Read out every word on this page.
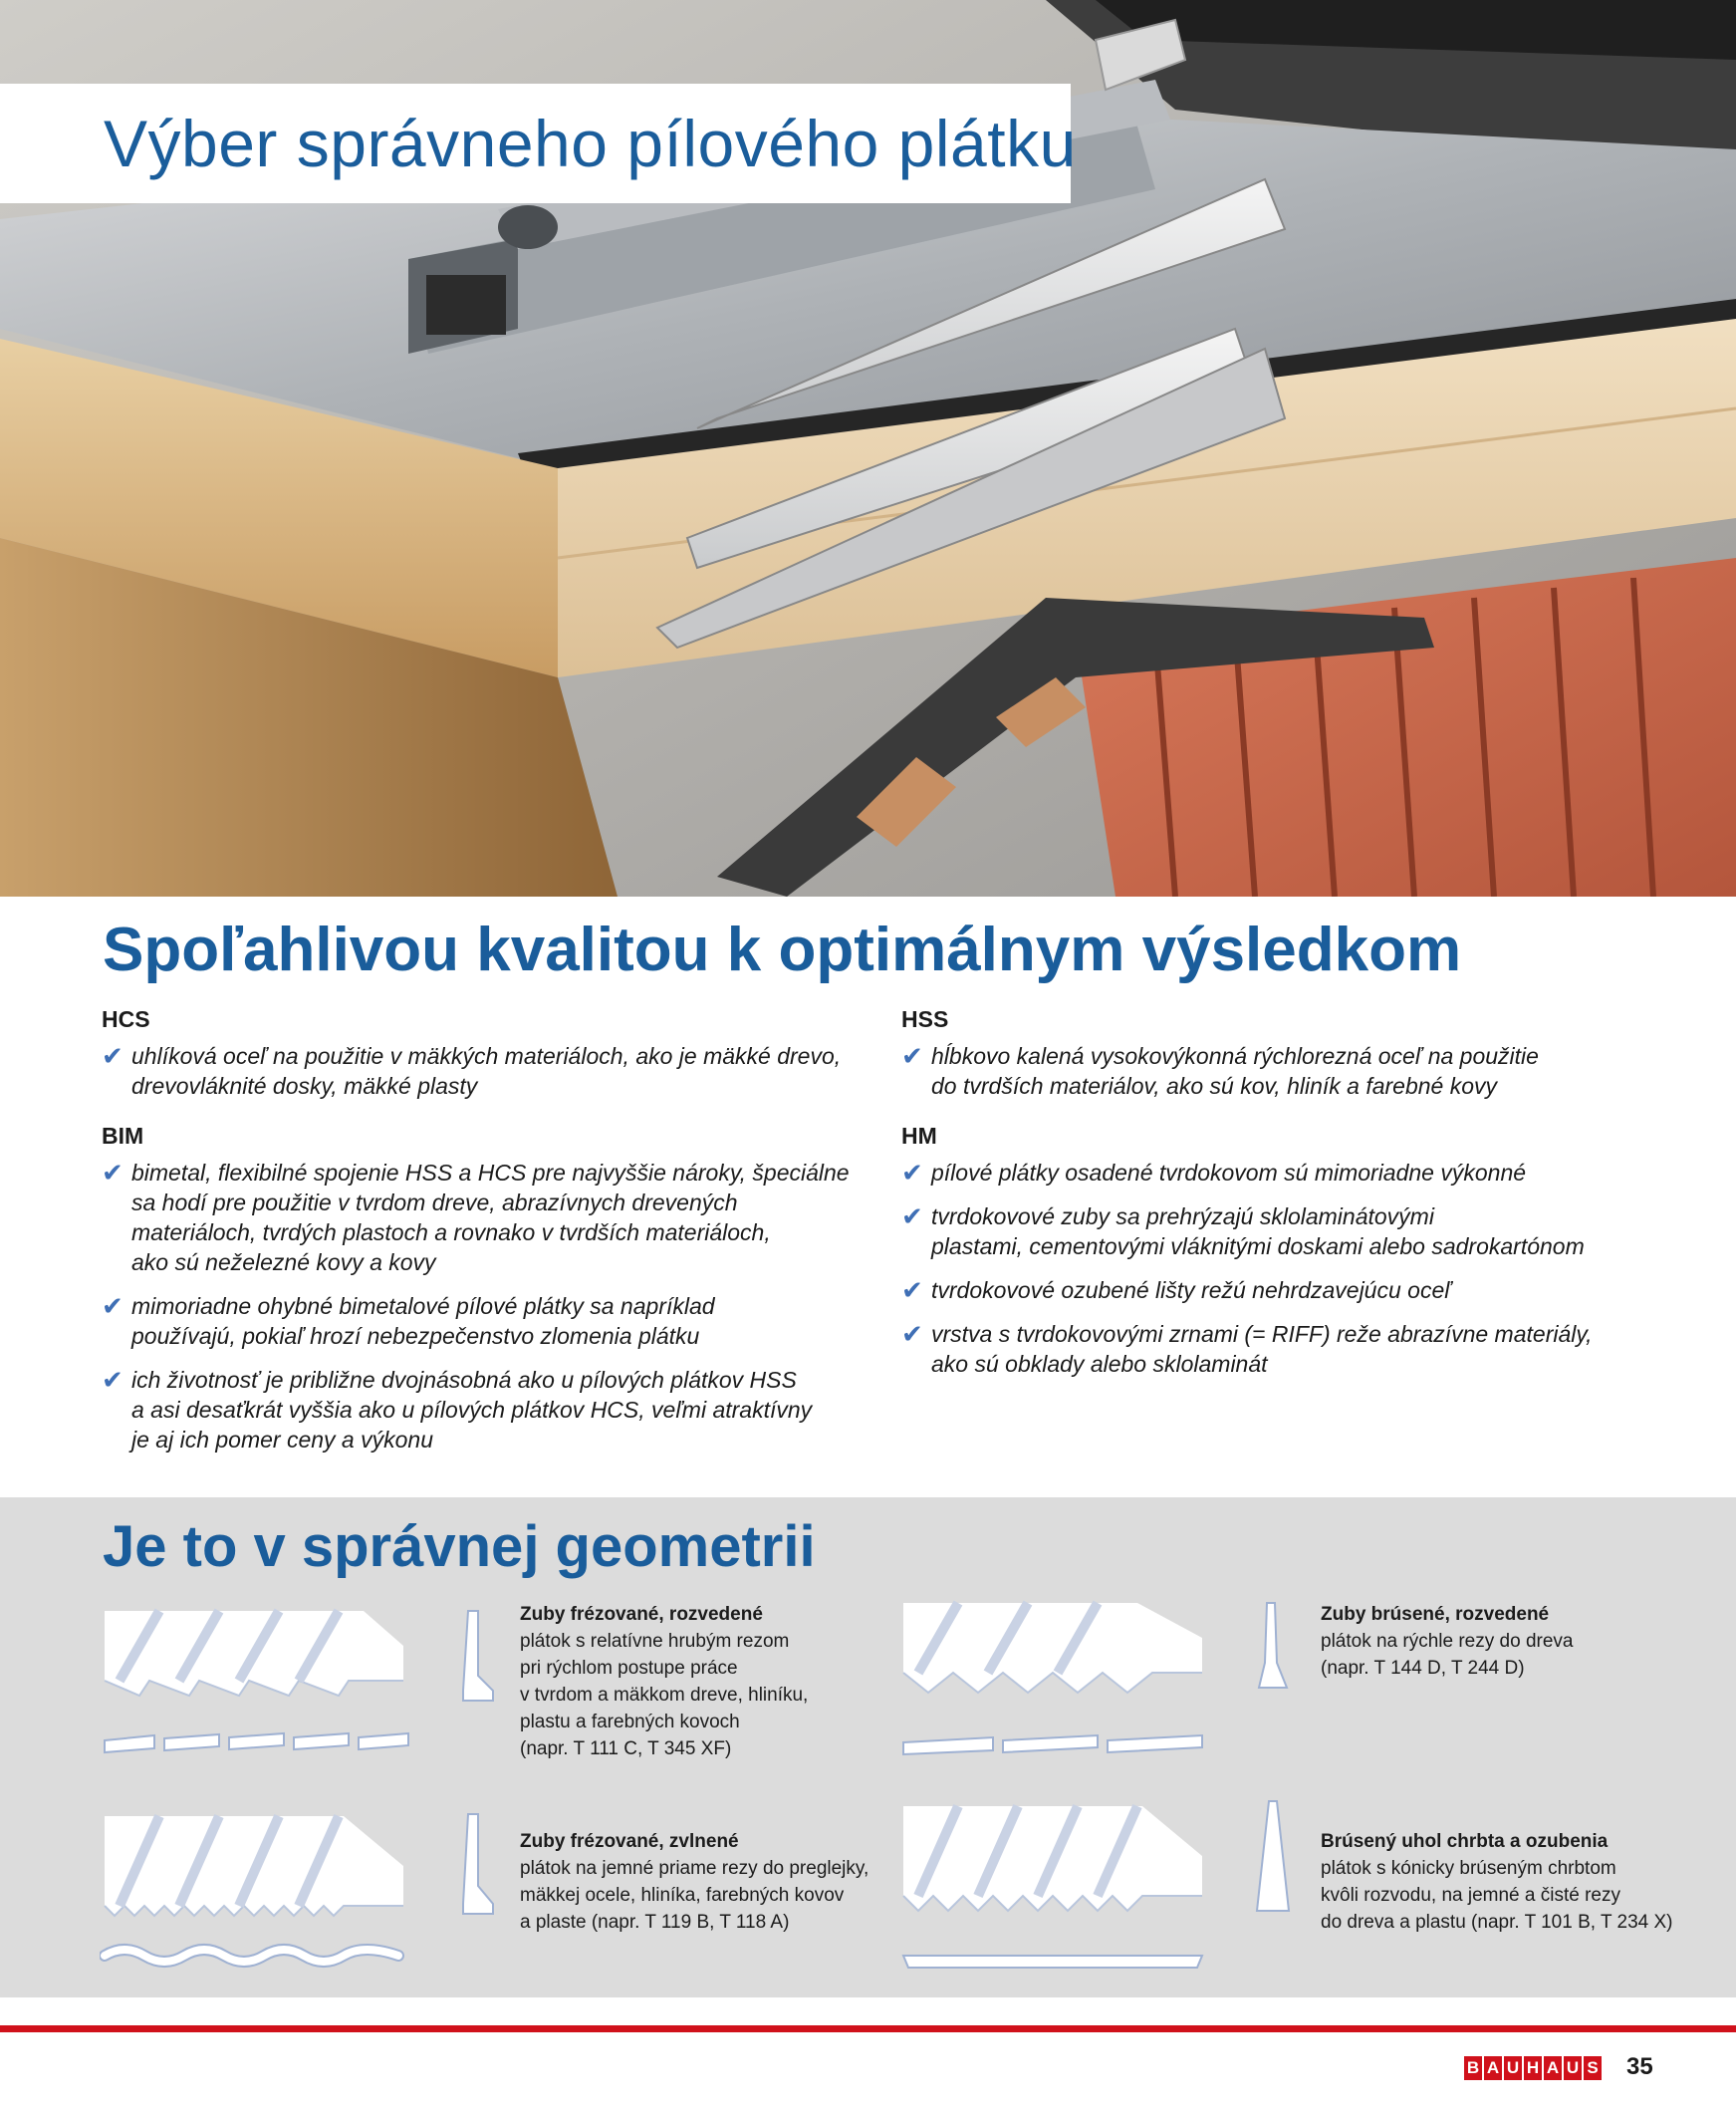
Výber správneho pílového plátku
Spoľahlivou kvalitou k optimálnym výsledkom
HCS
✔ uhlíková oceľ na použitie v mäkkých materiáloch, ako je mäkké drevo,
drevovláknité dosky, mäkké plasty
BIM
✔ bimetal, flexibilné spojenie HSS a HCS pre najvyššie nároky, špeciálne
sa hodí pre použitie v tvrdom dreve, abrazívnych drevených
materiáloch, tvrdých plastoch a rovnako v tvrdších materiáloch,
ako sú neželezné kovy a kovy
✔ mimoriadne ohybné bimetalové pílové plátky sa napríklad
používajú, pokiaľ hrozí nebezpečenstvo zlomenia plátku
✔ ich životnosť je približne dvojnásobná ako u pílových plátkov HSS
a asi desaťkrát vyššia ako u pílových plátkov HCS, veľmi atraktívny
je aj ich pomer ceny a výkonu
HSS
✔ hĺbkovo kalená vysokovýkonná rýchlorezná oceľ na použitie
do tvrdších materiálov, ako sú kov, hliník a farebné kovy
HM
✔ pílové plátky osadené tvrdokovom sú mimoriadne výkonné
✔ tvrdokovové zuby sa prehrýzajú sklolaminátovými
plastami, cementovými vláknitými doskami alebo sadrokartónom
✔ tvrdokovové ozubené lišty režú nehrdzavejúcu oceľ
✔ vrstva s tvrdokovovými zrnami (= RIFF) reže abrazívne materiály,
ako sú obklady alebo sklolaminát
Je to v správnej geometrii
Zuby frézované, rozvedené
plátok s relatívne hrubým rezom
pri rýchlom postupe práce
v tvrdom a mäkkom dreve, hliníku,
plastu a farebných kovoch
(napr. T 111 C, T 345 XF)
Zuby brúsené, rozvedené
plátok na rýchle rezy do dreva
(napr. T 144 D, T 244 D)
Zuby frézované, zvlnené
plátok na jemné priame rezy do preglejky,
mäkkej ocele, hliníka, farebných kovov
a plaste (napr. T 119 B, T 118 A)
Brúsený uhol chrbta a ozubenia
plátok s kónicky brúseným chrbtom
kvôli rozvodu, na jemné a čisté rezy
do dreva a plastu (napr. T 101 B, T 234 X)
B A U H A U S 35
